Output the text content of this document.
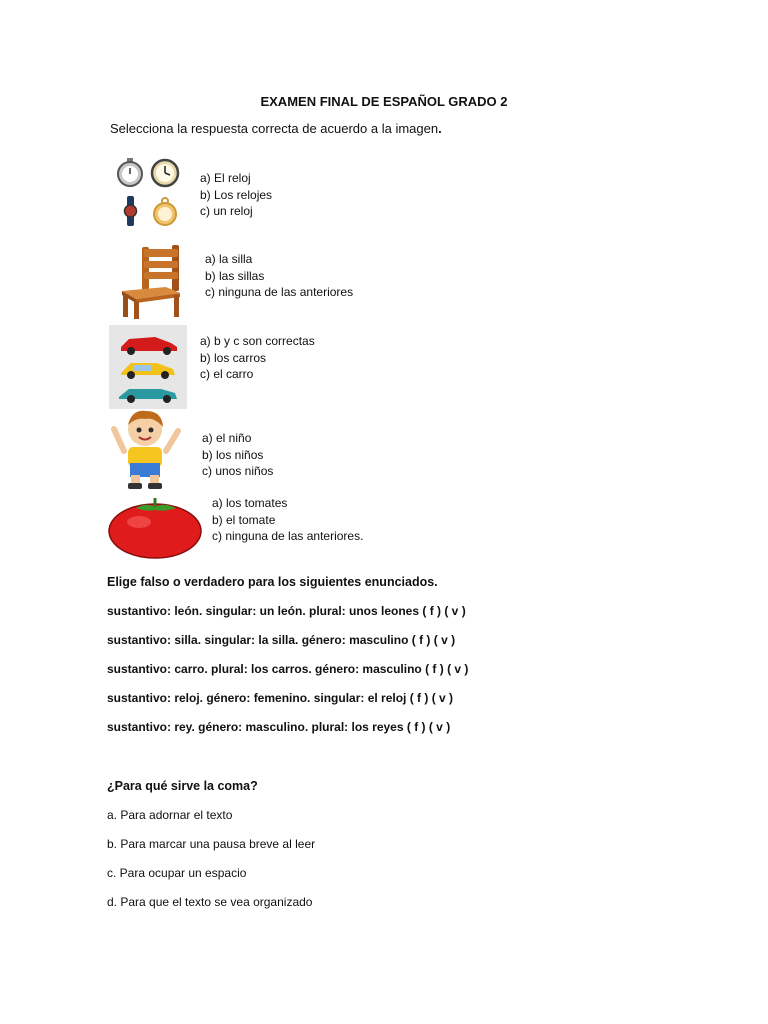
EXAMEN FINAL DE ESPAÑOL GRADO 2
Selecciona la respuesta correcta de acuerdo a la imagen.
a) El reloj
b) Los relojes
c) un reloj
a) la silla
b) las sillas
c) ninguna de las anteriores
a) b y c son correctas
b) los carros
c) el carro
a) el niño
b) los niños
c) unos niños
a) los tomates
b) el tomate
c) ninguna de las anteriores.
Elige falso o verdadero para los siguientes enunciados.
sustantivo: león. singular: un león. plural: unos leones ( f ) ( v )
sustantivo: silla. singular: la silla. género: masculino ( f ) ( v )
sustantivo: carro. plural: los carros. género: masculino ( f ) ( v )
sustantivo: reloj. género: femenino. singular: el reloj ( f ) ( v )
sustantivo: rey. género: masculino. plural: los reyes ( f ) ( v )
¿Para qué sirve la coma?
a. Para adornar el texto
b. Para marcar una pausa breve al leer
c. Para ocupar un espacio
d. Para que el texto se vea organizado
